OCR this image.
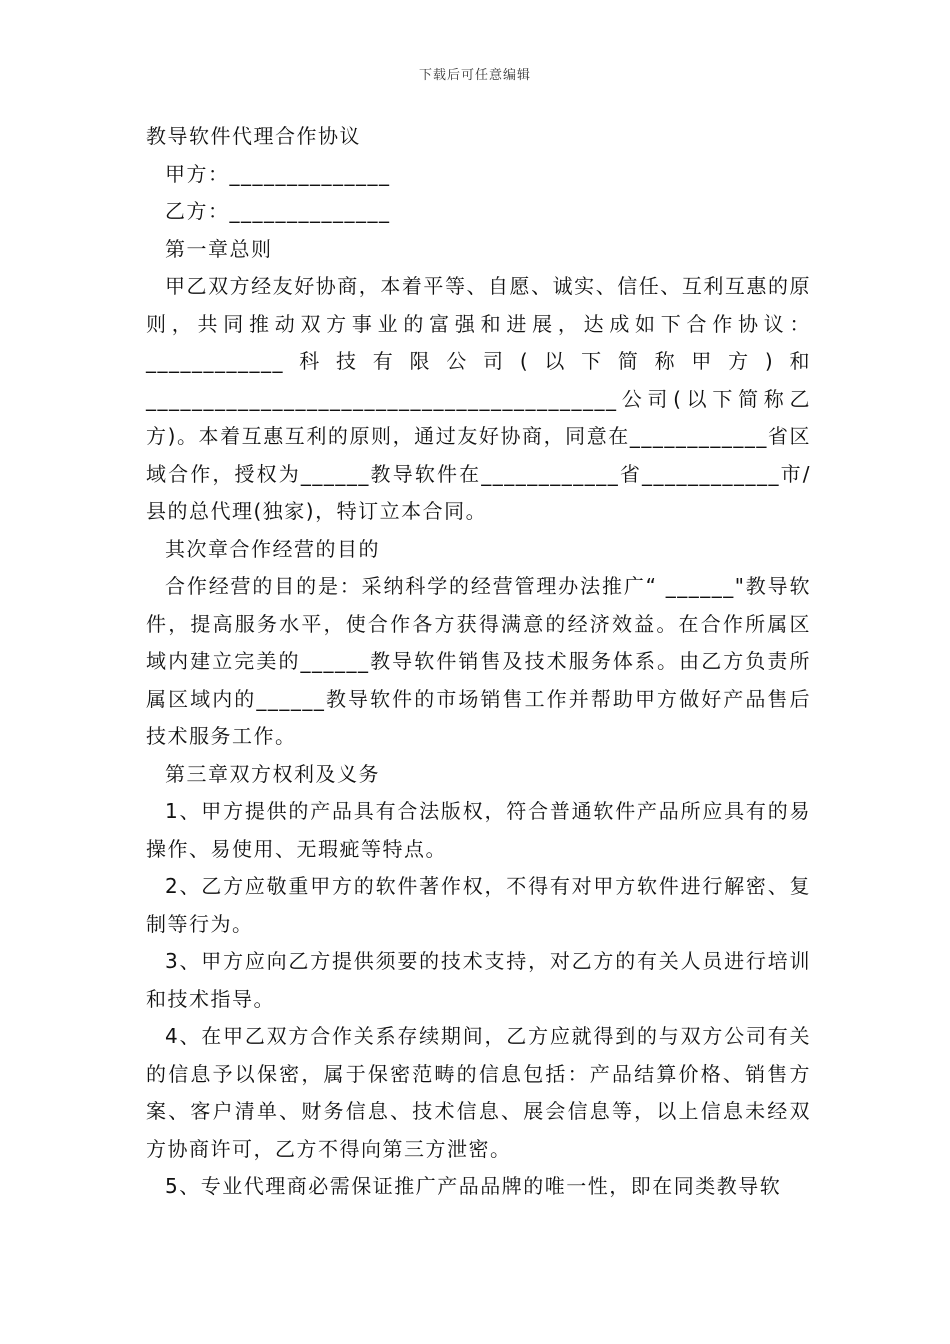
下载后可任意编辑

教导软件代理合作协议

甲方：______________

乙方：______________

第一章总则

甲乙双方经友好协商，本着平等、自愿、诚实、信任、互利互惠的原则，共同推动双方事业的富强和进展，达成如下合作协议：____________科技有限公司(以下简称甲方)和_________________________________________公司(以下简称乙方)。本着互惠互利的原则，通过友好协商，同意在____________省区域合作，授权为______教导软件在____________省____________市/县的总代理(独家)，特订立本合同。

其次章合作经营的目的

合作经营的目的是：采纳科学的经营管理办法推广“ ______"教导软件，提高服务水平，使合作各方获得满意的经济效益。在合作所属区域内建立完美的______教导软件销售及技术服务体系。由乙方负责所属区域内的______教导软件的市场销售工作并帮助甲方做好产品售后技术服务工作。

第三章双方权利及义务

1、甲方提供的产品具有合法版权，符合普通软件产品所应具有的易操作、易使用、无瑕疵等特点。

2、乙方应敬重甲方的软件著作权，不得有对甲方软件进行解密、复制等行为。

3、甲方应向乙方提供须要的技术支持，对乙方的有关人员进行培训和技术指导。

4、在甲乙双方合作关系存续期间，乙方应就得到的与双方公司有关的信息予以保密，属于保密范畴的信息包括：产品结算价格、销售方案、客户清单、财务信息、技术信息、展会信息等，以上信息未经双方协商许可，乙方不得向第三方泄密。

5、专业代理商必需保证推广产品品牌的唯一性，即在同类教导软
